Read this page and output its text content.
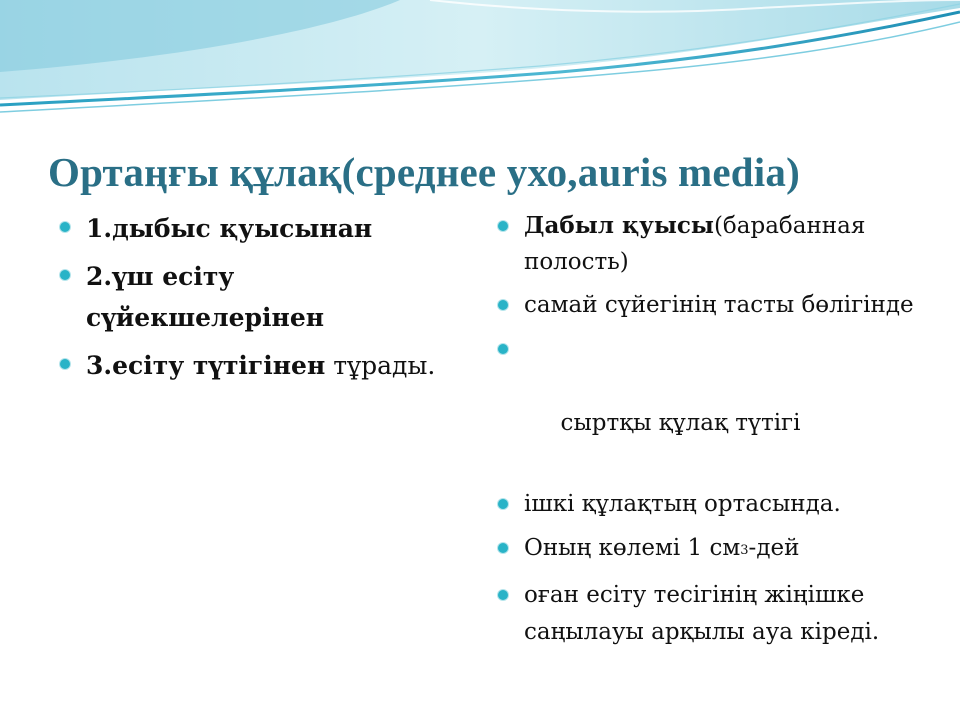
Ортаңғы құлақ(среднее ухо,auris media)
1.дыбыс қуысынан
2.үш есіту сүйекшелерінен
3.есіту түтігінен тұрады.
Дабыл қуысы(барабанная полость)
самай сүйегінің тасты бөлігінде

сыртқы құлақ түтігі

ішкі құлақтың ортасында.
Оның көлемі 1 $см^3$-дей
оған есіту тесігінің жіңішке саңылауы арқылы ауа кіреді.
